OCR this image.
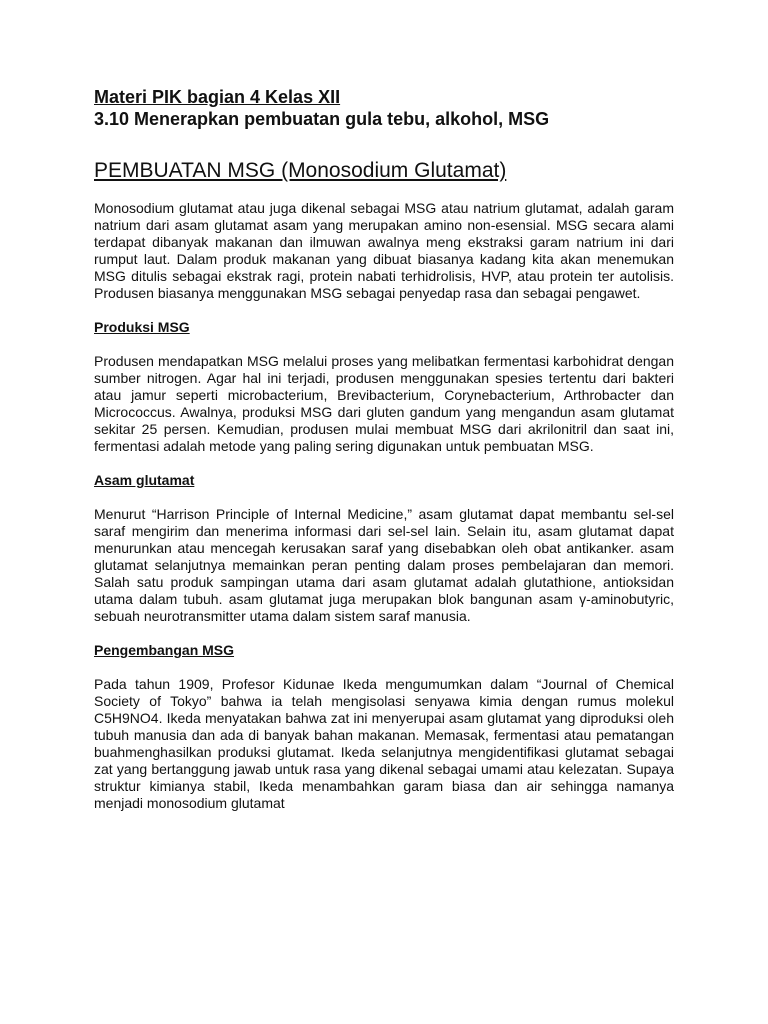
Materi PIK bagian 4 Kelas XII

3.10 Menerapkan pembuatan gula tebu, alkohol, MSG

PEMBUATAN MSG (Monosodium Glutamat)

Monosodium glutamat atau juga dikenal sebagai MSG atau natrium glutamat, adalah garam natrium dari asam glutamat asam yang merupakan amino non-esensial. MSG secara alami terdapat dibanyak makanan dan ilmuwan awalnya meng ekstraksi garam natrium ini dari rumput laut. Dalam produk makanan yang dibuat biasanya kadang kita akan menemukan MSG ditulis sebagai ekstrak ragi, protein nabati terhidrolisis, HVP, atau protein ter autolisis. Produsen biasanya menggunakan MSG sebagai penyedap rasa dan sebagai pengawet.

Produksi MSG

Produsen mendapatkan MSG melalui proses yang melibatkan fermentasi karbohidrat dengan sumber nitrogen. Agar hal ini terjadi, produsen menggunakan spesies tertentu dari bakteri atau jamur seperti microbacterium, Brevibacterium, Corynebacterium, Arthrobacter dan Micrococcus. Awalnya, produksi MSG dari gluten gandum yang mengandun asam glutamat sekitar 25 persen. Kemudian, produsen mulai membuat MSG dari akrilonitril dan saat ini, fermentasi adalah metode yang paling sering digunakan untuk pembuatan MSG.

Asam glutamat

Menurut “Harrison Principle of Internal Medicine,” asam glutamat dapat membantu sel-sel saraf mengirim dan menerima informasi dari sel-sel lain. Selain itu, asam glutamat dapat menurunkan atau mencegah kerusakan saraf yang disebabkan oleh obat antikanker. asam glutamat selanjutnya memainkan peran penting dalam proses pembelajaran dan memori. Salah satu produk sampingan utama dari asam glutamat adalah glutathione, antioksidan utama dalam tubuh. asam glutamat juga merupakan blok bangunan asam γ-aminobutyric, sebuah neurotransmitter utama dalam sistem saraf manusia.

Pengembangan MSG

Pada tahun 1909, Profesor Kidunae Ikeda mengumumkan dalam “Journal of Chemical Society of Tokyo” bahwa ia telah mengisolasi senyawa kimia dengan rumus molekul C5H9NO4. Ikeda menyatakan bahwa zat ini menyerupai asam glutamat yang diproduksi oleh tubuh manusia dan ada di banyak bahan makanan. Memasak, fermentasi atau pematangan buahmenghasilkan produksi glutamat. Ikeda selanjutnya mengidentifikasi glutamat sebagai zat yang bertanggung jawab untuk rasa yang dikenal sebagai umami atau kelezatan. Supaya struktur kimianya stabil, Ikeda menambahkan garam biasa dan air sehingga namanya menjadi monosodium glutamat
